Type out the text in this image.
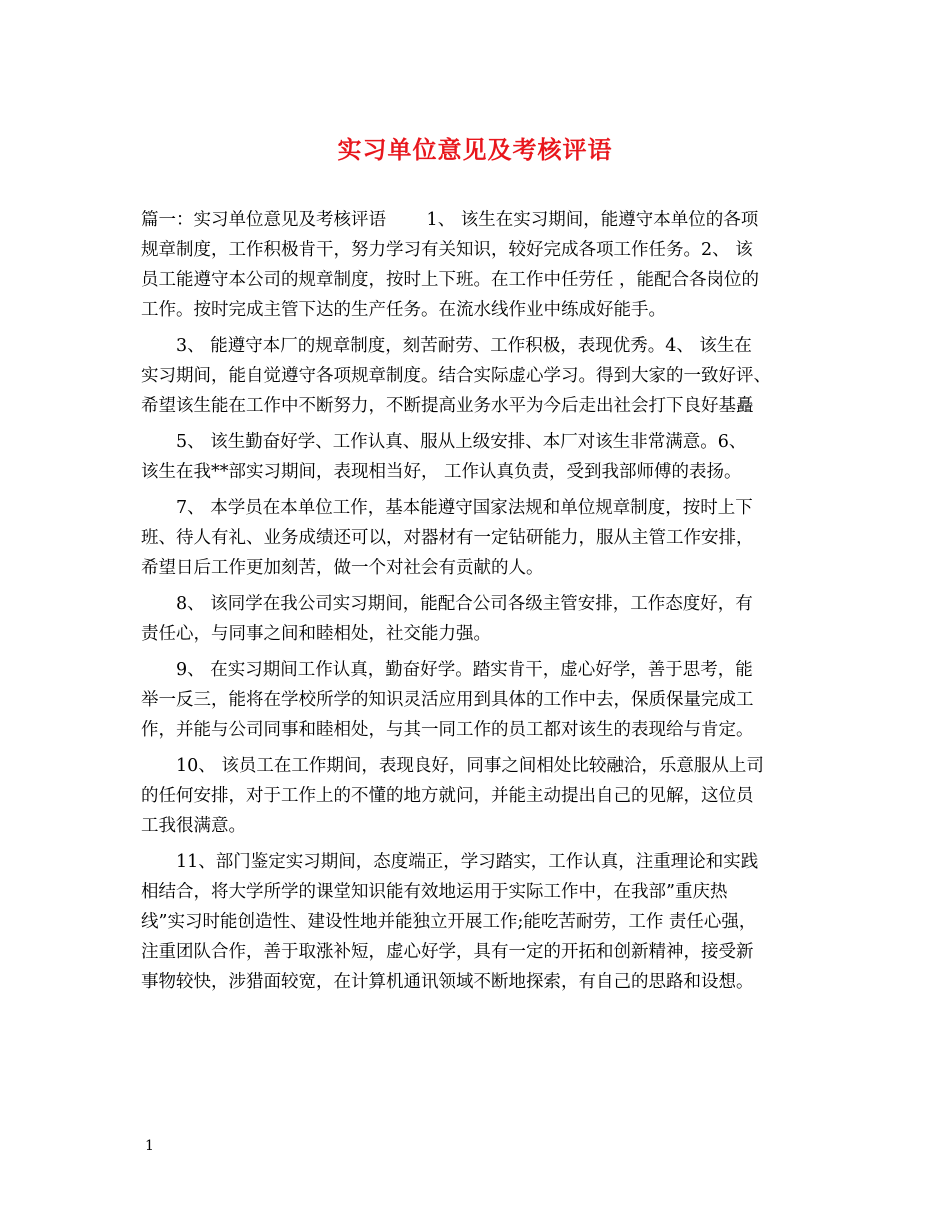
实习单位意见及考核评语
篇一：实习单位意见及考核评语　　 1、 该生在实习期间，能遵守本单位的各项
规章制度，工作积极肯干，努力学习有关知识，较好完成各项工作任务。2、 该
员工能遵守本公司的规章制度，按时上下班。在工作中任劳任 ，能配合各岗位的
工作。按时完成主管下达的生产任务。在流水线作业中练成好能手。
　　3、 能遵守本厂的规章制度，刻苦耐劳、工作积极，表现优秀。4、 该生在
实习期间，能自觉遵守各项规章制度。结合实际虚心学习。得到大家的一致好评、
希望该生能在工作中不断努力，不断提高业务水平为今后走出社会打下良好基矗
　　5、 该生勤奋好学、工作认真、服从上级安排、本厂对该生非常满意。6、
该生在我**部实习期间，表现相当好， 工作认真负责，受到我部师傅的表扬。
　　7、 本学员在本单位工作，基本能遵守国家法规和单位规章制度，按时上下
班、待人有礼、业务成绩还可以，对器材有一定钻研能力，服从主管工作安排，
希望日后工作更加刻苦，做一个对社会有贡献的人。
　　8、 该同学在我公司实习期间，能配合公司各级主管安排，工作态度好，有
责任心，与同事之间和睦相处，社交能力强。
　　9、 在实习期间工作认真，勤奋好学。踏实肯干，虚心好学，善于思考，能
举一反三，能将在学校所学的知识灵活应用到具体的工作中去，保质保量完成工
作，并能与公司同事和睦相处，与其一同工作的员工都对该生的表现给与肯定。
　　10、 该员工在工作期间，表现良好，同事之间相处比较融洽，乐意服从上司
的任何安排，对于工作上的不懂的地方就问，并能主动提出自己的见解，这位员
工我很满意。
　　11、部门鉴定实习期间，态度端正，学习踏实，工作认真，注重理论和实践
相结合，将大学所学的课堂知识能有效地运用于实际工作中，在我部”重庆热
线”实习时能创造性、建设性地并能独立开展工作;能吃苦耐劳，工作 责任心强，
注重团队合作，善于取涨补短，虚心好学，具有一定的开拓和创新精神，接受新
事物较快，涉猎面较宽，在计算机通讯领域不断地探索，有自己的思路和设想。
1
